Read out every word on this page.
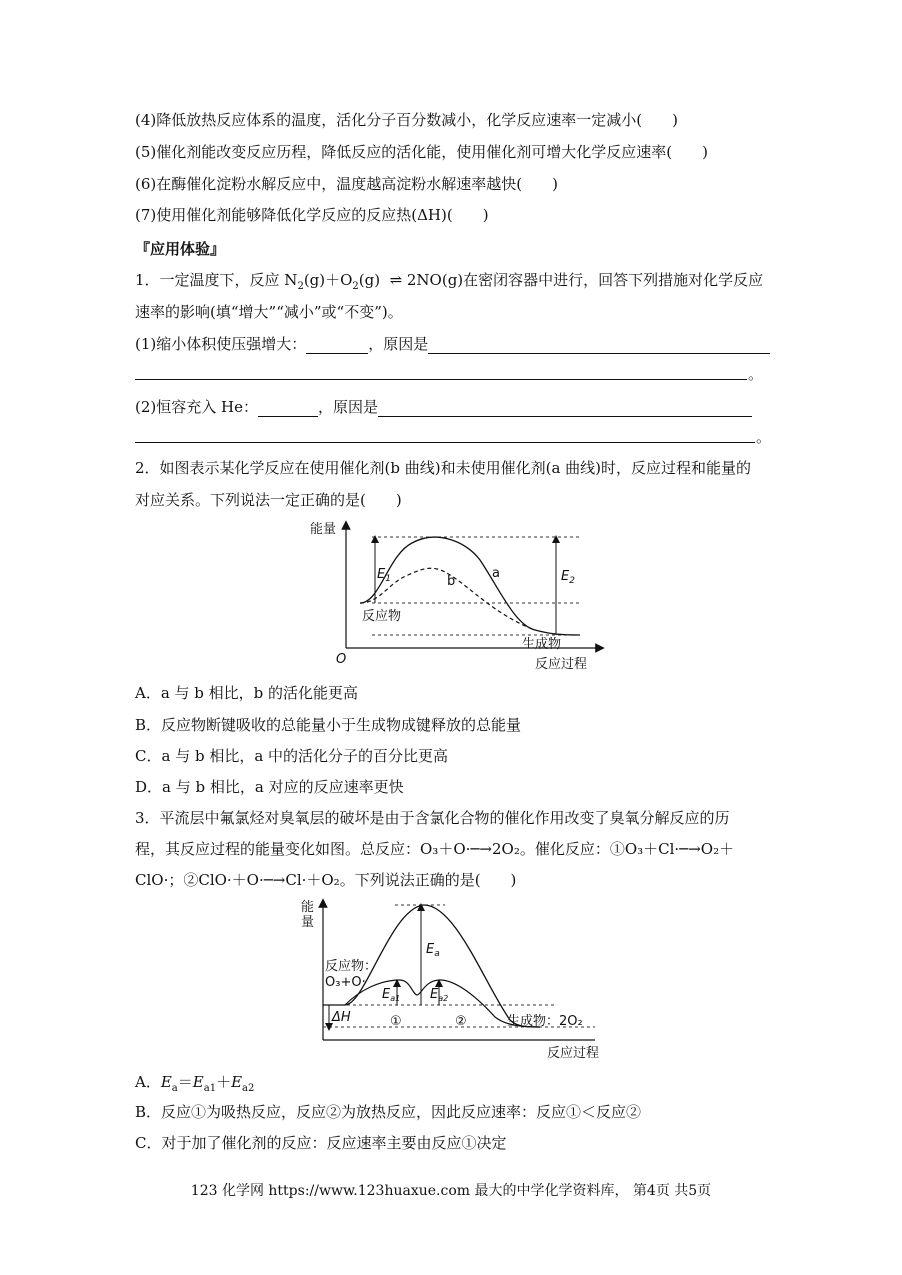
(4)降低放热反应体系的温度，活化分子百分数减小，化学反应速率一定减小(　　)
(5)催化剂能改变反应历程，降低反应的活化能，使用催化剂可增大化学反应速率(　　)
(6)在酶催化淀粉水解反应中，温度越高淀粉水解速率越快(　　)
(7)使用催化剂能够降低化学反应的反应热(ΔH)(　　)
『应用体验』
1．一定温度下，反应 $N_2(g)+O_2(g)$ ⇌ 2NO(g)在密闭容器中进行，回答下列措施对化学反应
速率的影响(填“增大”“减小”或“不变”)。
(1)缩小体积使压强增大：	，原因是
。
(2)恒容充入 He：	，原因是
。
2．如图表示某化学反应在使用催化剂(b 曲线)和未使用催化剂(a 曲线)时，反应过程和能量的
对应关系。下列说法一定正确的是(　　)
能量
O	反应过程
$E_1$	$E_2$
a
b
反应物
生成物
A．a 与 b 相比，b 的活化能更高
B．反应物断键吸收的总能量小于生成物成键释放的总能量
C．a 与 b 相比，a 中的活化分子的百分比更高
D．a 与 b 相比，a 对应的反应速率更快
3．平流层中氟氯烃对臭氧层的破坏是由于含氯化合物的催化作用改变了臭氧分解反应的历
程，其反应过程的能量变化如图。总反应：O₃＋O·─→2O₂。催化反应：①O₃＋Cl·─→O₂＋
ClO·；②ClO·＋O·─→Cl·＋O₂。下列说法正确的是(　　)
能
量
反应过程
$E_a$
$E_{a1}$ $E_{a2}$
ΔH	①	②
反应物：
O₃+O·
生成物：2O₂
A．$E_a=E_{a1}+E_{a2}$
B．反应①为吸热反应，反应②为放热反应，因此反应速率：反应①＜反应②
C．对于加了催化剂的反应：反应速率主要由反应①决定
123 化学网 https://www.123huaxue.com 最大的中学化学资料库， 第4页 共5页
